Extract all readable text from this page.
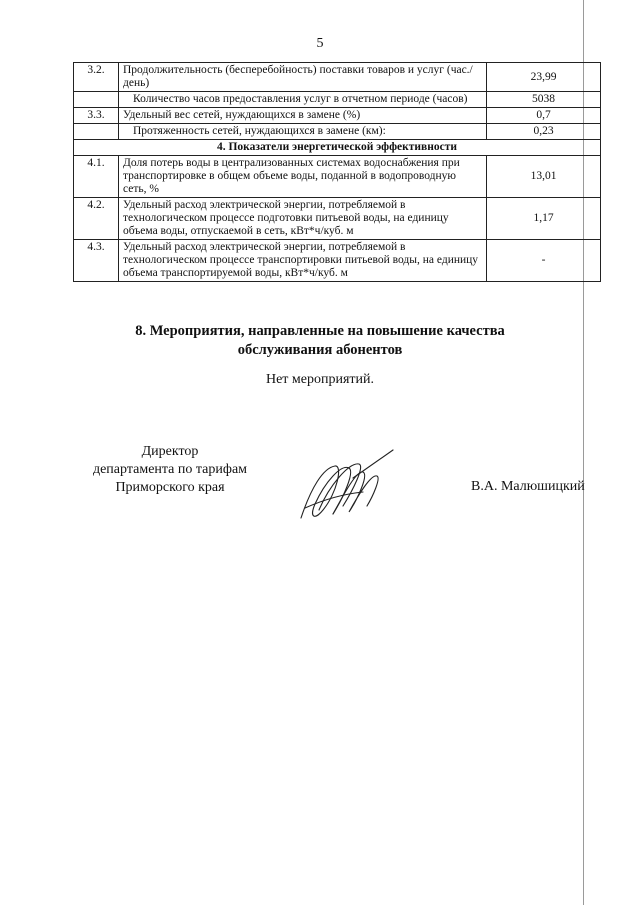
5
3.2.	Продолжительность (бесперебойность) поставки товаров и услуг (час./день)	23,99
	Количество часов предоставления услуг в отчетном периоде (часов)	5038
3.3.	Удельный вес сетей, нуждающихся в замене (%)	0,7
	Протяженность сетей, нуждающихся в замене (км):	0,23
4. Показатели энергетической эффективности		
4.1.	Доля потерь воды в централизованных системах водоснабжения при транспортировке в общем объеме воды, поданной в водопроводную сеть, %	13,01
4.2.	Удельный расход электрической энергии, потребляемой в технологическом процессе подготовки питьевой воды, на единицу объема воды, отпускаемой в сеть, кВт*ч/куб. м	1,17
4.3.	Удельный расход электрической энергии, потребляемой в технологическом процессе транспортировки питьевой воды, на единицу объема транспортируемой воды, кВт*ч/куб. м	-
8. Мероприятия, направленные на повышение качества
обслуживания абонентов
Нет мероприятий.
Директор
департамента по тарифам
Приморского края	В.А. Малюшицкий
